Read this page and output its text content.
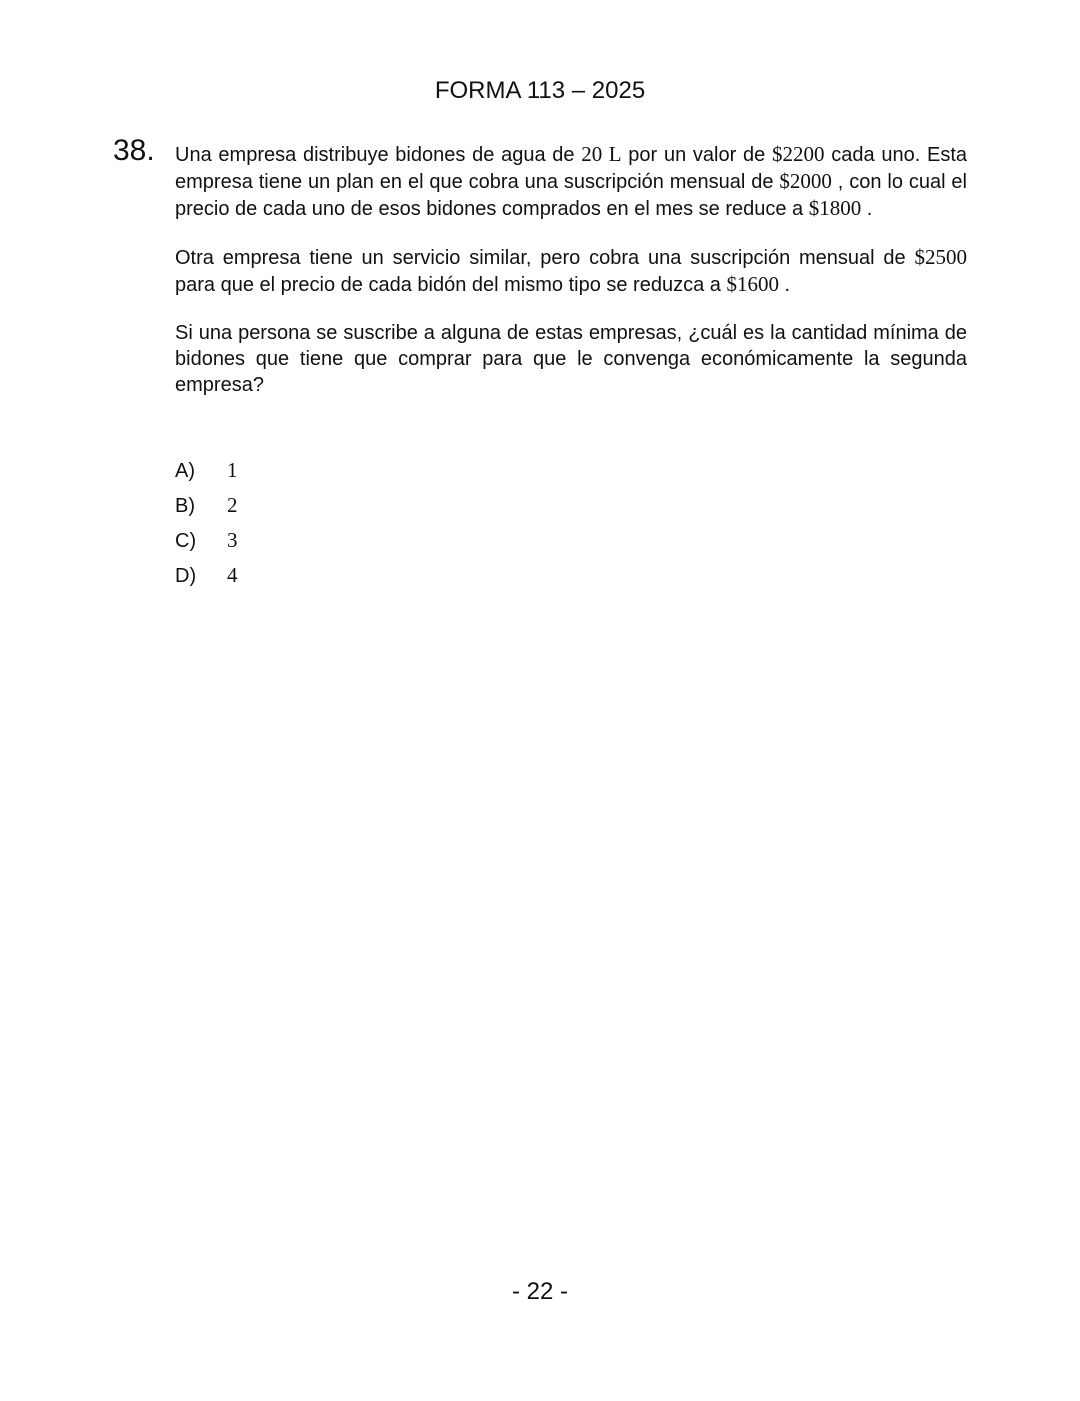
FORMA 113 – 2025
38. Una empresa distribuye bidones de agua de 20 L por un valor de $2200 cada uno. Esta empresa tiene un plan en el que cobra una suscripción mensual de $2000 , con lo cual el precio de cada uno de esos bidones comprados en el mes se reduce a $1800 .

Otra empresa tiene un servicio similar, pero cobra una suscripción mensual de $2500 para que el precio de cada bidón del mismo tipo se reduzca a $1600 .

Si una persona se suscribe a alguna de estas empresas, ¿cuál es la cantidad mínima de bidones que tiene que comprar para que le convenga económicamente la segunda empresa?

A) 1
B) 2
C) 3
D) 4
- 22 -
